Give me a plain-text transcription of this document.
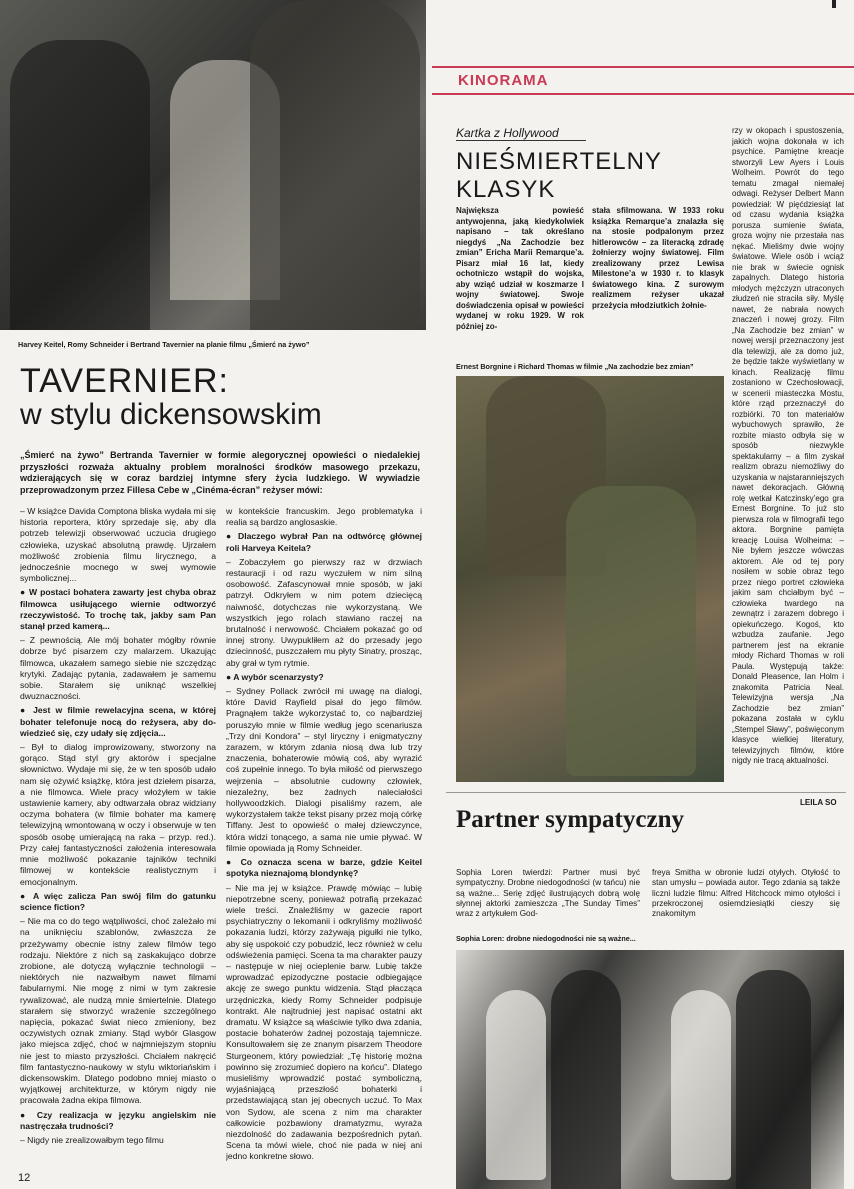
Harvey Keitel, Romy Schneider i Bertrand Tavernier na planie filmu „Śmierć na żywo”
TAVERNIER:
w stylu dickensowskim
„Śmierć na żywo” Bertranda Tavernier w formie alegorycznej opowieści o niedalekiej przyszłości rozważa aktualny problem moralności środków masowego przekazu, wdzierających się w coraz bardziej intymne sfery życia ludzkiego. W wywiadzie przeprowadzonym przez Fillesa Cebe w „Cinéma-écran” reżyser mówi:

– W książce Davida Comptona bliska wydała mi się historia reportera, który sprzedaje się, aby dla potrzeb telewizji obserwować uczucia drugiego człowieka, uzyskać absolutną prawdę. Ujrzałem możliwość zrobienia filmu lirycznego, a jednocześnie mocnego w swej wymowie symbolicznej...

● W postaci bohatera zawarty jest chyba obraz filmowca usiłującego wiernie odtworzyć rzeczywistość. To trochę tak, jakby sam Pan stanął przed kamerą...

– Z pewnością. Ale mój bohater mógłby równie dobrze być pisarzem czy malarzem. Ukazując filmowca, ukazałem samego siebie nie szczędząc krytyki. Zadając pytania, zadawałem je samemu sobie. Starałem się uniknąć wszelkiej dwuznaczności.

● Jest w filmie rewelacyjna scena, w której bohater telefonuje nocą do reżysera, aby dowiedzieć się, czy udały się zdjęcia...

– Był to dialog improwizowany, stworzony na gorąco. Stąd styl gry aktorów i specjalne słownictwo. Wydaje mi się, że w ten sposób udało nam się ożywić książkę, która jest dziełem pisarza, a nie filmowca. Wiele pracy włożyłem w takie ustawienie kamery, aby odtwarzała obraz widziany oczyma bohatera (w filmie bohater ma kamerę telewizyjną wmontowaną w oczy i obserwuje w ten sposób osobę umierającą na raka – przyp. red.). Przy całej fantastyczności założenia interesowała mnie możliwość pokazanie tajników techniki filmowej w kontekście realistycznym i emocjonalnym.

● A więc zalicza Pan swój film do gatunku science fiction?

– Nie ma co do tego wątpliwości, choć zależało mi na uniknięciu szablonów, zwłaszcza że przeżywamy obecnie istny zalew filmów tego rodzaju. Niektóre z nich są zaskakująco dobrze zrobione, ale dotyczą wyłącznie technologii – niektórych nie nazwałbym nawet filmami fabularnymi. Nie mogę z nimi w tym zakresie rywalizować, ale nudzą mnie śmiertelnie. Dlatego starałem się stworzyć wrażenie szczególnego napięcia, pokazać świat nieco zmieniony, bez oczywistych oznak zmiany. Stąd wybór Glasgow jako miejsca zdjęć, choć w najmniejszym stopniu nie jest to miasto przyszłości. Chciałem nakręcić film fantastyczno-naukowy w stylu wiktoriańskim i dickensowskim. Dlatego podobno mniej miasto o wyjątkowej architekturze, w którym nigdy nie pracowała żadna ekipa filmowa.

● Czy realizacja w języku angielskim nie nastręczała trudności?

– Nigdy nie zrealizowałbym tego filmu

w kontekście francuskim. Jego problematyka i realia są bardzo anglosaskie.

● Dlaczego wybrał Pan na odtwórcę głównej roli Harveya Keitela?

– Zobaczyłem go pierwszy raz w drzwiach restauracji i od razu wyczułem w nim silną osobowość. Zafascynował mnie sposób, w jaki patrzył. Odkryłem w nim potem dziecięcą naiwność, dotychczas nie wykorzystaną. We wszystkich jego rolach stawiano raczej na brutalność i nerwowość. Chciałem pokazać go od innej strony. Uwypukliłem aż do przesady jego dziecinność, puszczałem mu płyty Sinatry, prosząc, aby grał w tym rytmie.

● A wybór scenarzysty?

– Sydney Pollack zwrócił mi uwagę na dialogi, które David Rayfield pisał do jego filmów. Pragnąłem także wykorzystać to, co najbardziej poruszyło mnie w filmie według jego scenariusza „Trzy dni Kondora” – styl liryczny i enigmatyczny zarazem, w którym zdania niosą dwa lub trzy znaczenia, bohaterowie mówią coś, aby wyrazić coś zupełnie innego. To była miłość od pierwszego wejrzenia – absolutnie cudowny człowiek, niezależny, bez żadnych naleciałości hollywoodzkich. Dialogi pisaliśmy razem, ale wykorzystałem także tekst pisany przez moją córkę Tiffany. Jest to opowieść o małej dziewczynce, która widzi tonącego, a sama nie umie pływać. W filmie opowiada ją Romy Schneider.

● Co oznacza scena w barze, gdzie Keitel spotyka nieznajomą blondynkę?

– Nie ma jej w książce. Prawdę mówiąc – lubię niepotrzebne sceny, ponieważ potrafią przekazać wiele treści. Znaleźliśmy w gazecie raport psychiatryczny o lekomanii i odkryliśmy możliwość pokazania ludzi, którzy zażywają pigułki nie tylko, aby się uspokoić czy pobudzić, lecz również w celu odświeżenia pamięci. Scena ta ma charakter pauzy – następuje w niej ocieplenie barw. Lubię także wprowadzać epizodyczne postacie odbiegające akcję ze swego punktu widzenia. Stąd płacząca urzędniczka, kiedy Romy Schneider podpisuje kontrakt. Ale najtrudniej jest napisać ostatni akt dramatu. W książce są właściwie tylko dwa zdania, postacie bohaterów żadnej pozostają tajemnicze. Konsultowałem się ze znanym pisarzem Theodore Sturgeonem, który powiedział: „Tę historię można powinno się zrozumieć dopiero na końcu”. Dlatego musieliśmy wprowadzić postać symboliczną, wyjaśniającą przeszłość bohaterki i przedstawiającą stan jej obecnych uczuć. To Max von Sydow, ale scena z nim ma charakter całkowicie pozbawiony dramatyzmu, wyraża niezdolność do zadawania bezpośrednich pytań. Scena ta mówi wiele, choć nie pada w niej ani jedno konkretne słowo.

12
KINORAMA
Kartka z Hollywood
NIEŚMIERTELNY
KLASYK
Największa powieść antywojenna, jaką kiedykolwiek napisano – tak określano niegdyś „Na Zachodzie bez zmian” Ericha Marii Remarque’a. Pisarz miał 16 lat, kiedy ochotniczo wstąpił do wojska, aby wziąć udział w koszmarze I wojny światowej. Swoje doświadczenia opisał w powieści wydanej w roku 1929. W rok później zo-
stała sfilmowana. W 1933 roku książka Remarque’a znalazła się na stosie podpalonym przez hitlerowców – za literacką zdradę żołnierzy wojny światowej. Film zrealizowany przez Lewisa Milestone’a w 1930 r. to klasyk światowego kina. Z surowym realizmem reżyser ukazał przeżycia młodziutkich żołnie-
rzy w okopach i spustoszenia, jakich wojna dokonała w ich psychice. Pamiętne kreacje stworzyli Lew Ayers i Louis Wolheim. Powrót do tego tematu zmagał niemałej odwagi. Reżyser Delbert Mann powiedział: W pięćdziesiąt lat od czasu wydania książka porusza sumienie świata, groza wojny nie przestała nas nękać. Mieliśmy dwie wojny światowe. Wiele osób i wciąż nie brak w świecie ognisk zapalnych. Dlatego historia młodych mężczyzn utraconych złudzeń nie straciła siły. Myślę nawet, że nabrała nowych znaczeń i nowej grozy. Film „Na Zachodzie bez zmian” w nowej wersji przeznaczony jest dla telewizji, ale za domo już, że będzie także wyświetlany w kinach. Realizację filmu zostaniono w Czechosłowacji, w scenerii miasteczka Mostu, które rząd przeznaczył do rozbiórki. 70 ton materiałów wybuchowych sprawiło, że rozbite miasto odbyła się w sposób niezwykle spektakularny – a film zyskał realizm obrazu niemożliwy do uzyskania w najstaranniejszych nawet dekoracjach. Główną rolę wetkał Katczinsky’ego gra Ernest Borgnine. To już sto pierwsza rola w filmografii tego aktora. Borgnine pamięta kreację Louisa Wolheima: – Nie byłem jeszcze wówczas aktorem. Ale od tej pory nosiłem w sobie obraz tego przez niego portret człowieka jakim sam chciałbym być – człowieka twardego na zewnątrz i zarazem dobrego i opiekuńczego. Kogoś, kto wzbudza zaufanie. Jego partnerem jest na ekranie młody Richard Thomas w roli Paula. Występują także: Donald Pleasence, Ian Holm i znakomita Patricia Neal. Telewizyjna wersja „Na Zachodzie bez zmian” pokazana została w cyklu „Stempel Sławy”, poświęconym klasyce wielkiej literatury, telewizyjnych filmów, które nigdy nie tracą aktualności.
LEILA SO
Ernest Borgnine i Richard Thomas w filmie „Na zachodzie bez zmian”
Partner sympatyczny
Sophia Loren twierdzi: Partner musi być sympatyczny. Drobne niedogodności (w tańcu) nie są ważne... Serię zdjęć ilustrujących dobrą wolę słynnej aktorki zamieszcza „The Sunday Times” wraz z artykułem God-
freya Smitha w obronie ludzi otyłych. Otyłość to stan umysłu – powiada autor. Tego zdania są także liczni ludzie filmu: Alfred Hitchcock mimo otyłości i przekroczonej osiemdziesiątki cieszy się znakomitym
Sophia Loren: drobne niedogodności nie są ważne...
